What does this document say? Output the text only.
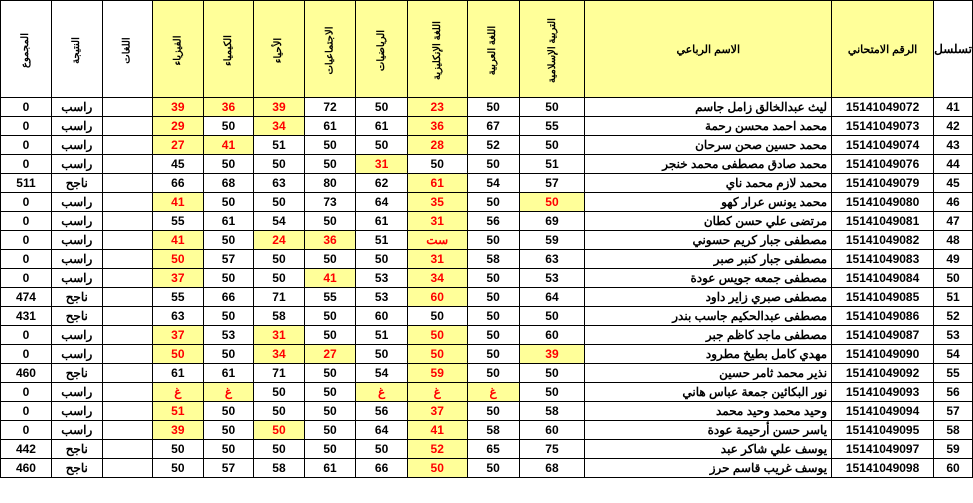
المجموع	النتيجة	اللغات	الفيزياء	الكيمياء	الأحياء	الاجتماعيات	الرياضيات	اللغة الإنكليزية	اللغة العربية	التربية الإسلامية	الاسم الرباعي	الرقم الامتحاني	تسلسل
0	راسب		39	36	39	72	50	23	50	50	ليث عبدالخالق زامل جاسم	15141049072	41
0	راسب		29	50	34	61	61	36	67	55	محمد احمد محسن رحمة	15141049073	42
0	راسب		27	41	51	50	50	28	52	50	محمد حسين صحن سرحان	15141049074	43
0	راسب		45	50	50	50	31	50	50	51	محمد صادق مصطفى محمد خنجر	15141049076	44
511	ناجح		66	68	63	80	62	61	54	57	محمد لازم محمد ناي	15141049079	45
0	راسب		41	50	50	73	64	35	50	50	محمد يونس عرار كهو	15141049080	46
0	راسب		55	61	54	50	61	31	56	69	مرتضى علي حسن كطان	15141049081	47
0	راسب		41	50	24	36	51	ست	50	59	مصطفى جبار كريم حسوني	15141049082	48
0	راسب		50	57	50	50	50	31	58	63	مصطفى جبار كنبر صبر	15141049083	49
0	راسب		37	50	50	41	53	34	50	53	مصطفى جمعه جويس عودة	15141049084	50
474	ناجح		55	66	71	55	53	60	50	64	مصطفى صبري زاير داود	15141049085	51
431	ناجح		63	50	58	50	60	50	50	50	مصطفى عبدالحكيم جاسب بندر	15141049086	52
0	راسب		37	53	31	50	51	50	50	60	مصطفى ماجد كاظم جبر	15141049087	53
0	راسب		50	50	34	27	50	50	50	39	مهدي كامل بطيخ مطرود	15141049090	54
460	ناجح		61	61	71	50	54	59	50	50	نذير محمد ثامر حسين	15141049092	55
0	راسب		غ	غ	50	50	غ	غ	غ	50	نور البكائين جمعة عباس هاني	15141049093	56
0	راسب		51	50	50	50	56	37	50	58	وحيد محمد وحيد محمد	15141049094	57
0	راسب		39	50	50	50	64	41	58	60	ياسر حسن أرحيمة عودة	15141049095	58
442	ناجح		50	50	50	50	50	52	65	75	يوسف علي شاكر عبد	15141049097	59
460	ناجح		50	57	58	61	66	50	50	68	يوسف غريب قاسم حرز	15141049098	60
